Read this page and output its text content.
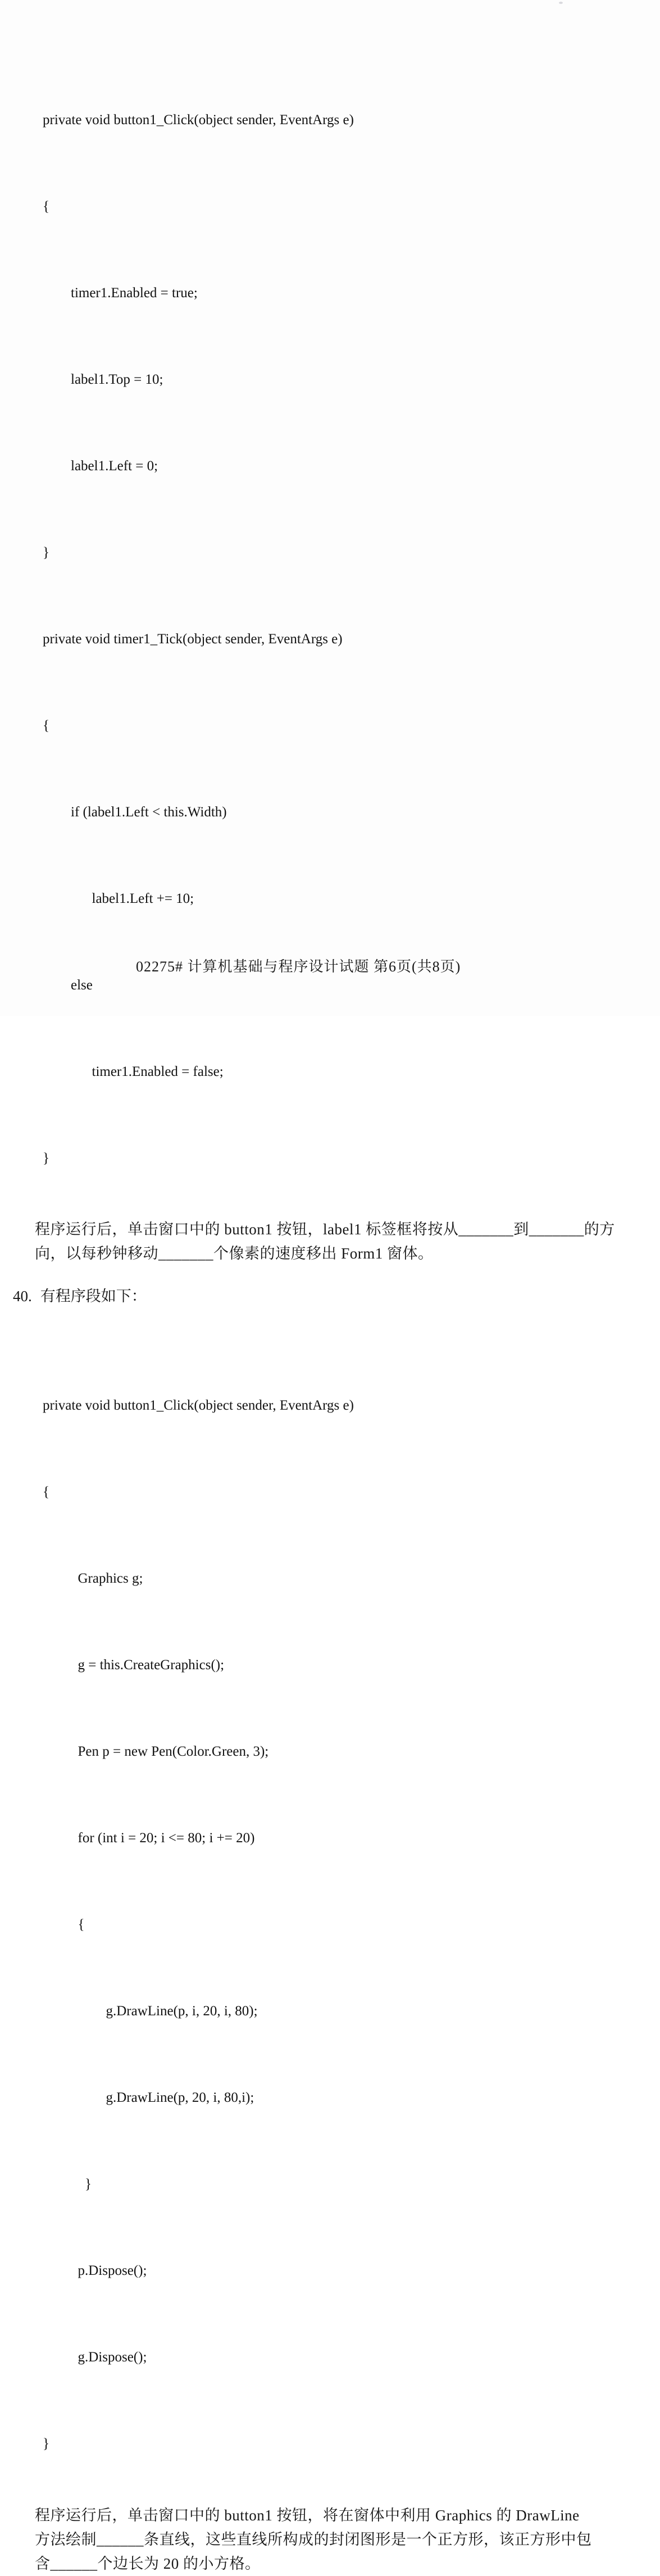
private void button1_Click(object sender, EventArgs e)

{

timer1.Enabled = true;

label1.Top = 10;

label1.Left = 0;

}

private void timer1_Tick(object sender, EventArgs e)

{

if (label1.Left < this.Width)

label1.Left += 10;

else

timer1.Enabled = false;

}

程序运行后，单击窗口中的 button1 按钮，label1 标签框将按从_______到_______的方
向，以每秒钟移动_______个像素的速度移出 Form1 窗体。
40. 有程序段如下：

private void button1_Click(object sender, EventArgs e)

{

Graphics g;

g = this.CreateGraphics();

Pen p = new Pen(Color.Green, 3);

for (int i = 20; i <= 80; i += 20)

{

g.DrawLine(p, i, 20, i, 80);

g.DrawLine(p, 20, i, 80,i);

}

p.Dispose();

g.Dispose();

}

程序运行后，单击窗口中的 button1 按钮，将在窗体中利用 Graphics 的 DrawLine
方法绘制______条直线，这些直线所构成的封闭图形是一个正方形，该正方形中包
含______个边长为 20 的小方格。
02275# 计算机基础与程序设计试题 第6页(共8页)
